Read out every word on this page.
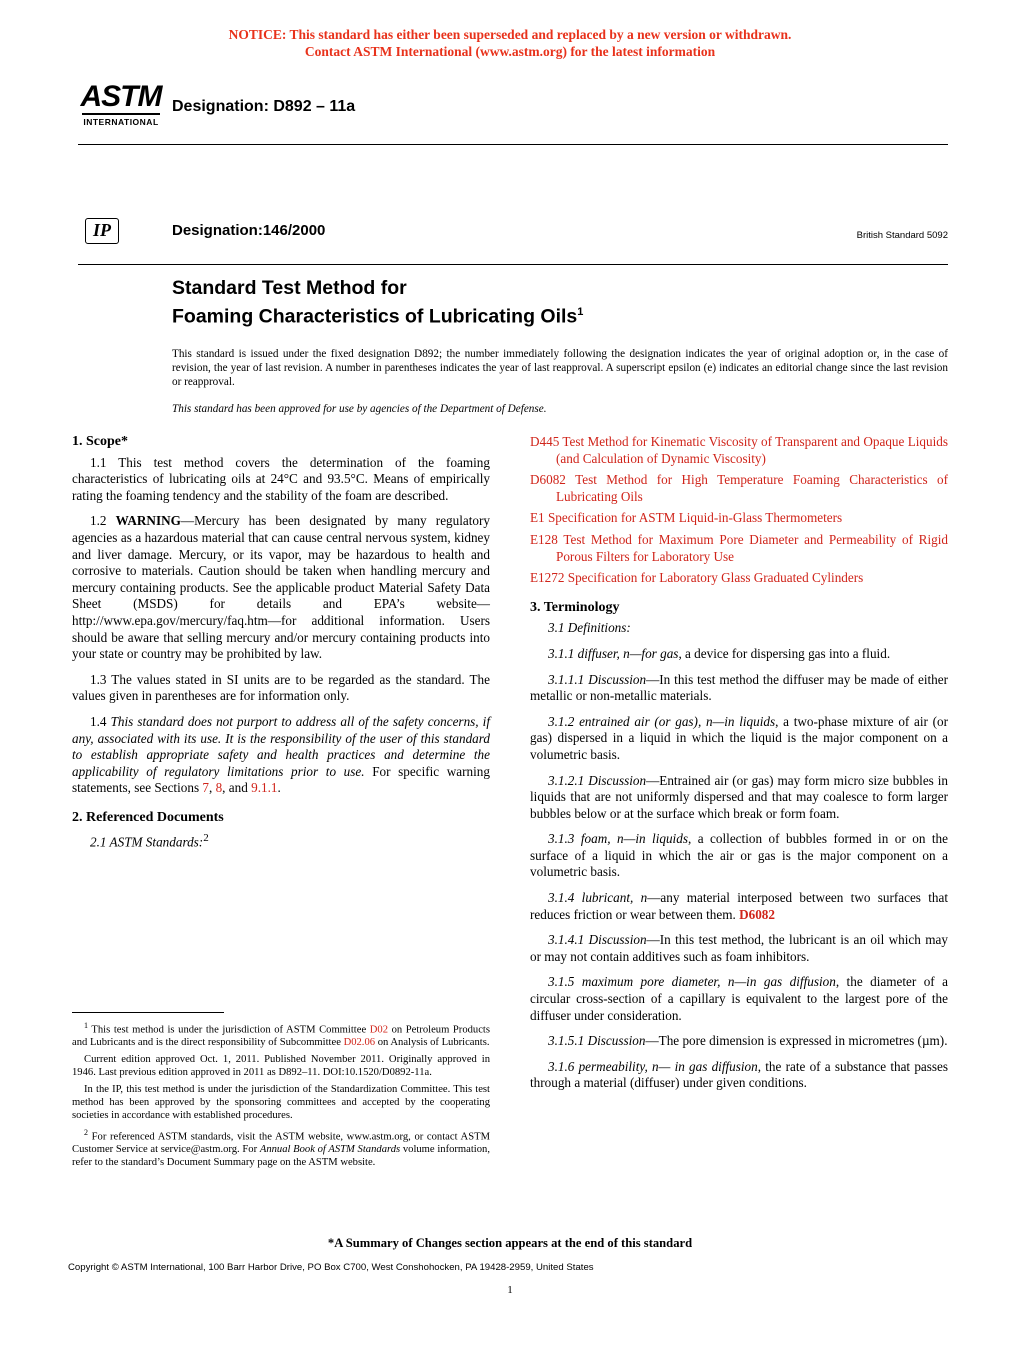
NOTICE: This standard has either been superseded and replaced by a new version or withdrawn.
Contact ASTM International (www.astm.org) for the latest information
ASTM
INTERNATIONAL
Designation: D892 – 11a
IP	Designation:146/2000	British Standard 5092
Standard Test Method for
Foaming Characteristics of Lubricating Oils$^1$
This standard is issued under the fixed designation D892; the number immediately following the designation indicates the year of original adoption or, in the case of revision, the year of last revision. A number in parentheses indicates the year of last reapproval. A superscript epsilon (e) indicates an editorial change since the last revision or reapproval.
This standard has been approved for use by agencies of the Department of Defense.
1. Scope*

1.1 This test method covers the determination of the foaming characteristics of lubricating oils at 24°C and 93.5°C. Means of empirically rating the foaming tendency and the stability of the foam are described.

1.2 WARNING—Mercury has been designated by many regulatory agencies as a hazardous material that can cause central nervous system, kidney and liver damage. Mercury, or its vapor, may be hazardous to health and corrosive to materials. Caution should be taken when handling mercury and mercury containing products. See the applicable product Material Safety Data Sheet (MSDS) for details and EPA’s website—http://www.epa.gov/mercury/faq.htm—for additional information. Users should be aware that selling mercury and/or mercury containing products into your state or country may be prohibited by law.

1.3 The values stated in SI units are to be regarded as the standard. The values given in parentheses are for information only.

1.4 This standard does not purport to address all of the safety concerns, if any, associated with its use. It is the responsibility of the user of this standard to establish appropriate safety and health practices and determine the applicability of regulatory limitations prior to use. For specific warning statements, see Sections 7, 8, and 9.1.1.

2. Referenced Documents

2.1 ASTM Standards:$^2$

$^1$ This test method is under the jurisdiction of ASTM Committee D02 on Petroleum Products and Lubricants and is the direct responsibility of Subcommittee D02.06 on Analysis of Lubricants.

Current edition approved Oct. 1, 2011. Published November 2011. Originally approved in 1946. Last previous edition approved in 2011 as D892–11. DOI:10.1520/D0892-11a.

In the IP, this test method is under the jurisdiction of the Standardization Committee. This test method has been approved by the sponsoring committees and accepted by the cooperating societies in accordance with established procedures.

$^2$ For referenced ASTM standards, visit the ASTM website, www.astm.org, or contact ASTM Customer Service at service@astm.org. For Annual Book of ASTM Standards volume information, refer to the standard’s Document Summary page on the ASTM website.

D445 Test Method for Kinematic Viscosity of Transparent and Opaque Liquids (and Calculation of Dynamic Viscosity)

D6082 Test Method for High Temperature Foaming Characteristics of Lubricating Oils

E1 Specification for ASTM Liquid-in-Glass Thermometers

E128 Test Method for Maximum Pore Diameter and Permeability of Rigid Porous Filters for Laboratory Use

E1272 Specification for Laboratory Glass Graduated Cylinders

3. Terminology

3.1 Definitions:

3.1.1 diffuser, n—for gas, a device for dispersing gas into a fluid.

3.1.1.1 Discussion—In this test method the diffuser may be made of either metallic or non-metallic materials.

3.1.2 entrained air (or gas), n—in liquids, a two-phase mixture of air (or gas) dispersed in a liquid in which the liquid is the major component on a volumetric basis.

3.1.2.1 Discussion—Entrained air (or gas) may form micro size bubbles in liquids that are not uniformly dispersed and that may coalesce to form larger bubbles below or at the surface which break or form foam.

3.1.3 foam, n—in liquids, a collection of bubbles formed in or on the surface of a liquid in which the air or gas is the major component on a volumetric basis.

3.1.4 lubricant, n—any material interposed between two surfaces that reduces friction or wear between them. D6082

3.1.4.1 Discussion—In this test method, the lubricant is an oil which may or may not contain additives such as foam inhibitors.

3.1.5 maximum pore diameter, n—in gas diffusion, the diameter of a circular cross-section of a capillary is equivalent to the largest pore of the diffuser under consideration.

3.1.5.1 Discussion—The pore dimension is expressed in micrometres (µm).

3.1.6 permeability, n— in gas diffusion, the rate of a substance that passes through a material (diffuser) under given conditions.

*A Summary of Changes section appears at the end of this standard
Copyright © ASTM International, 100 Barr Harbor Drive, PO Box C700, West Conshohocken, PA 19428-2959, United States
1
